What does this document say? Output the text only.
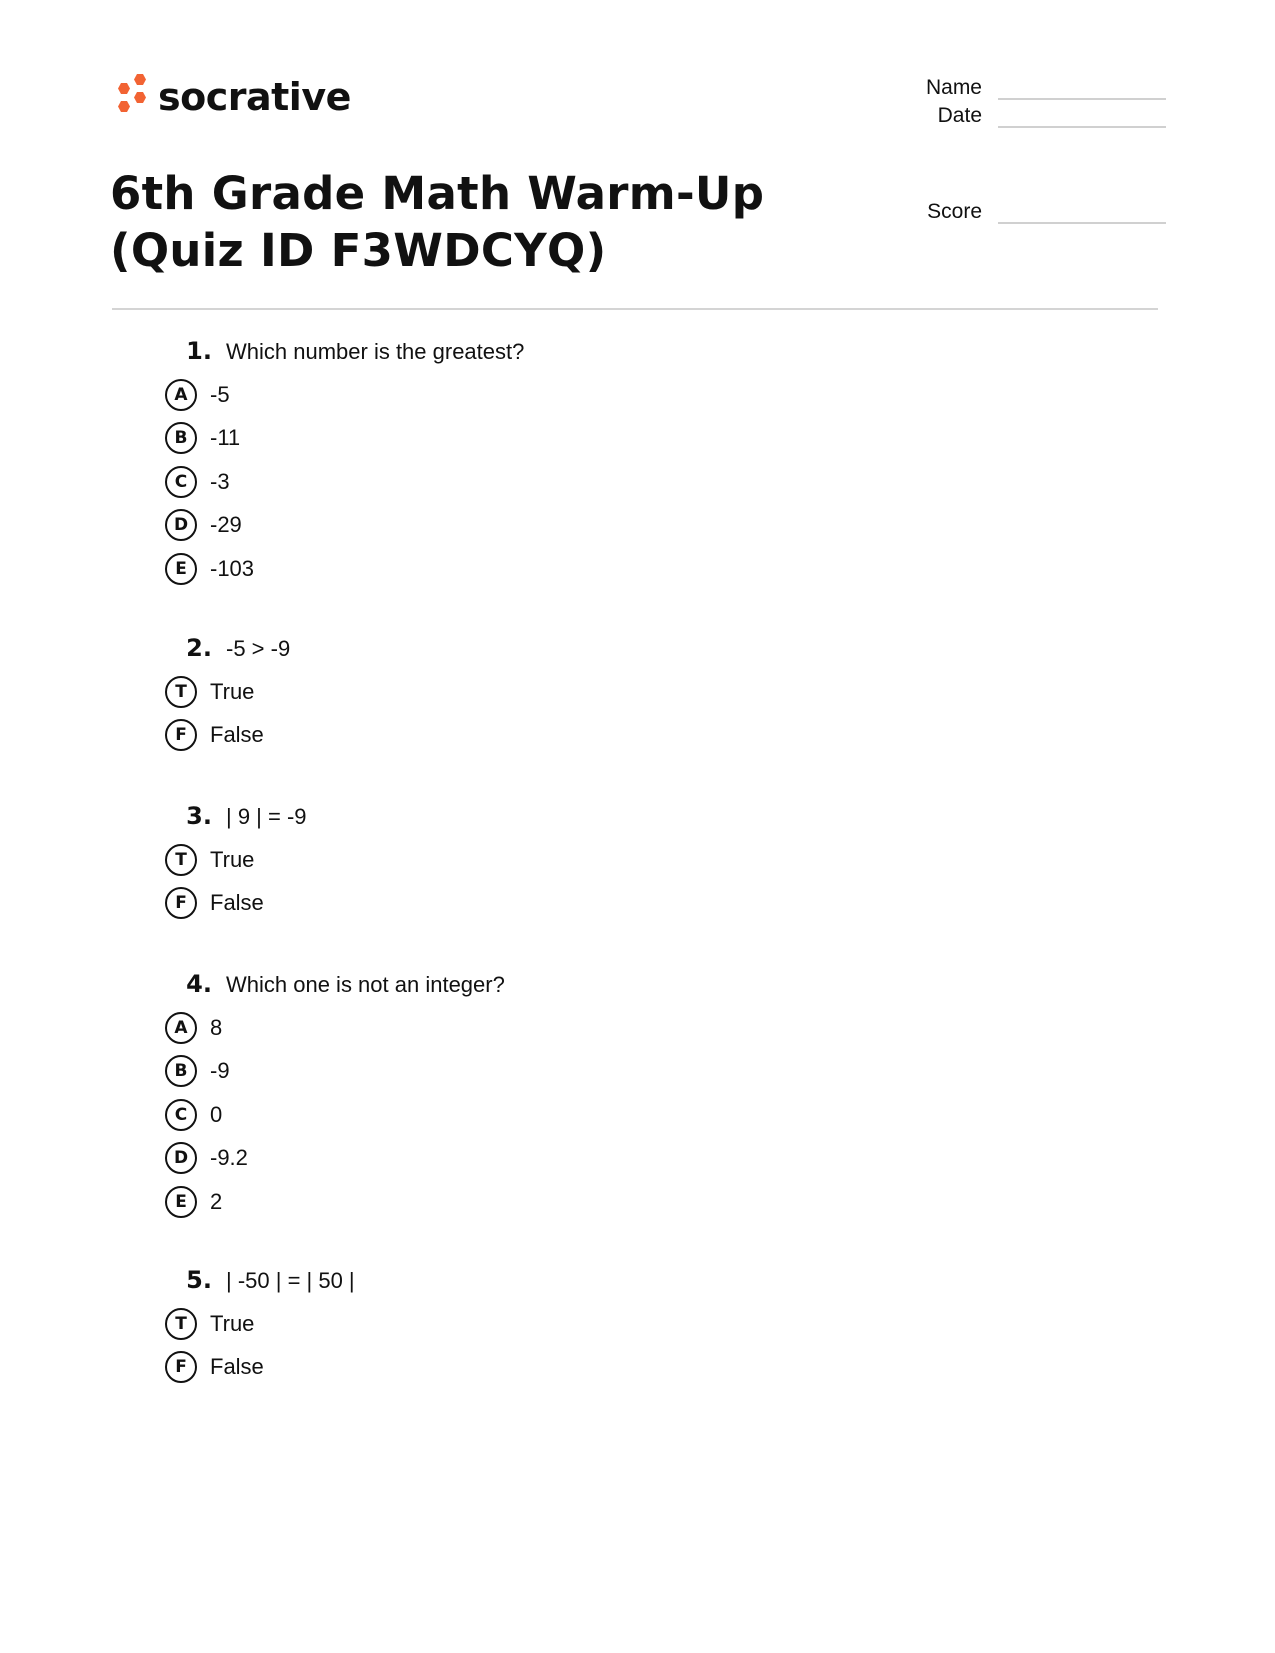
socrative	Name
Date
Score
6th Grade Math Warm-Up (Quiz ID F3WDCYQ)
1. Which number is the greatest?
A	-5
B	-11
C	-3
D -29
E	-103
2. -5 > -9
T	True
F	False
3. | 9 | = -9
T	True
F	False
4. Which one is not an integer?
A	8
B	-9
C	0
D -9.2
E	2
5. | -50 | = | 50 |
T	True
F	False
